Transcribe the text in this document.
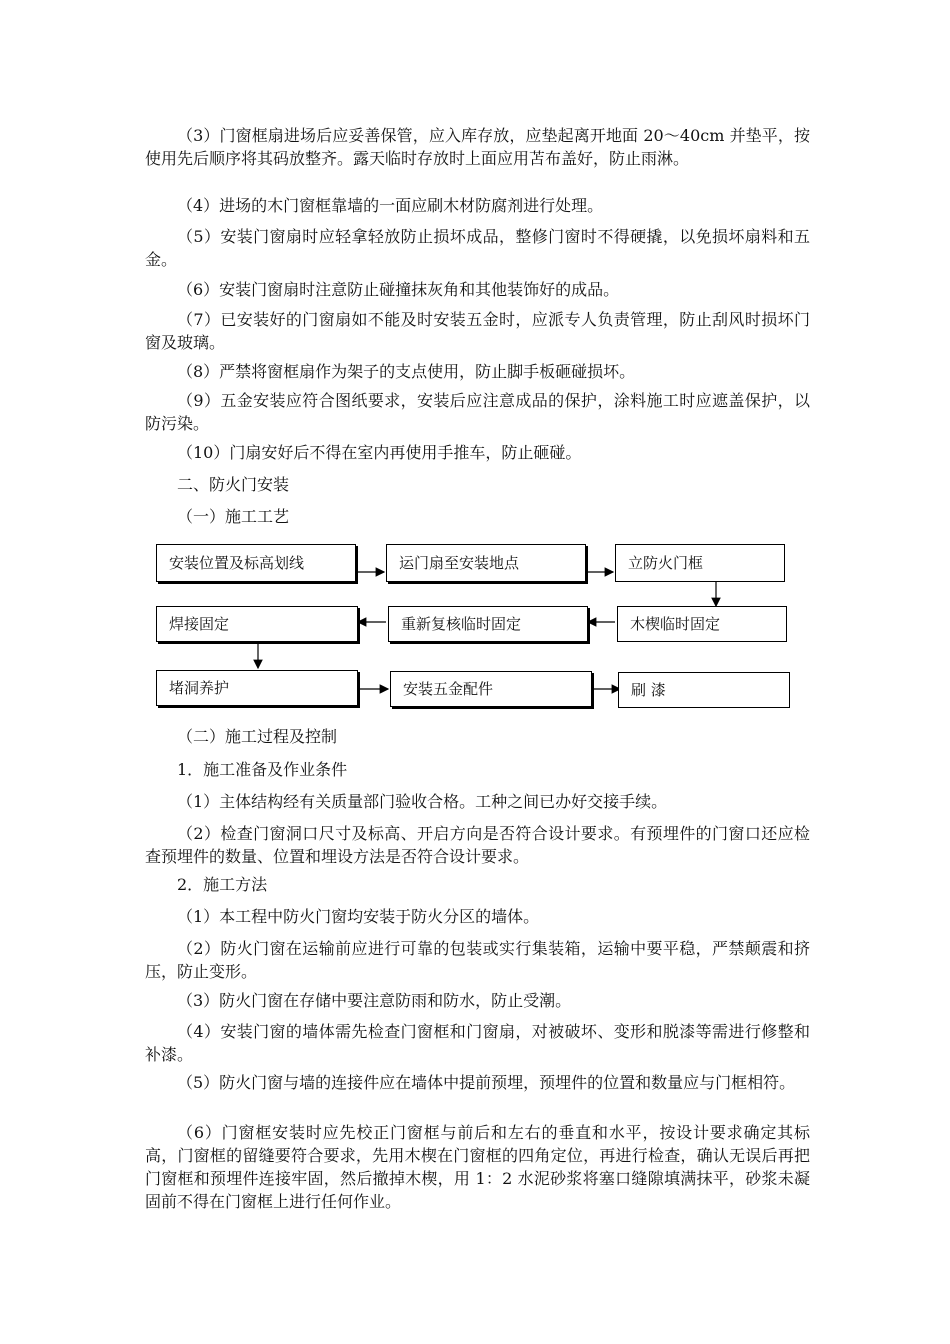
（3）门窗框扇进场后应妥善保管，应入库存放，应垫起离开地面 20～40cm 并垫平，按使用先后顺序将其码放整齐。露天临时存放时上面应用苫布盖好，防止雨淋。

（4）进场的木门窗框靠墙的一面应刷木材防腐剂进行处理。

（5）安装门窗扇时应轻拿轻放防止损坏成品，整修门窗时不得硬撬，以免损坏扇料和五金。

（6）安装门窗扇时注意防止碰撞抹灰角和其他装饰好的成品。

（7）已安装好的门窗扇如不能及时安装五金时，应派专人负责管理，防止刮风时损坏门窗及玻璃。

（8）严禁将窗框扇作为架子的支点使用，防止脚手板砸碰损坏。

（9）五金安装应符合图纸要求，安装后应注意成品的保护，涂料施工时应遮盖保护，以防污染。

（10）门扇安好后不得在室内再使用手推车，防止砸碰。

二、防火门安装

（一）施工工艺

安装位置及标高划线	运门扇至安装地点	立防火门框
焊接固定	重新复核临时固定	木楔临时固定
堵洞养护	安装五金配件	刷 漆

（二）施工过程及控制

1．施工准备及作业条件

（1）主体结构经有关质量部门验收合格。工种之间已办好交接手续。

（2）检查门窗洞口尺寸及标高、开启方向是否符合设计要求。有预埋件的门窗口还应检查预埋件的数量、位置和埋设方法是否符合设计要求。

2．施工方法

（1）本工程中防火门窗均安装于防火分区的墙体。

（2）防火门窗在运输前应进行可靠的包装或实行集装箱，运输中要平稳，严禁颠震和挤压，防止变形。

（3）防火门窗在存储中要注意防雨和防水，防止受潮。

（4）安装门窗的墙体需先检查门窗框和门窗扇，对被破坏、变形和脱漆等需进行修整和补漆。

（5）防火门窗与墙的连接件应在墙体中提前预埋，预埋件的位置和数量应与门框相符。

（6）门窗框安装时应先校正门窗框与前后和左右的垂直和水平，按设计要求确定其标高，门窗框的留缝要符合要求，先用木楔在门窗框的四角定位，再进行检查，确认无误后再把门窗框和预埋件连接牢固，然后撤掉木楔，用 1：2 水泥砂浆将塞口缝隙填满抹平，砂浆未凝固前不得在门窗框上进行任何作业。
